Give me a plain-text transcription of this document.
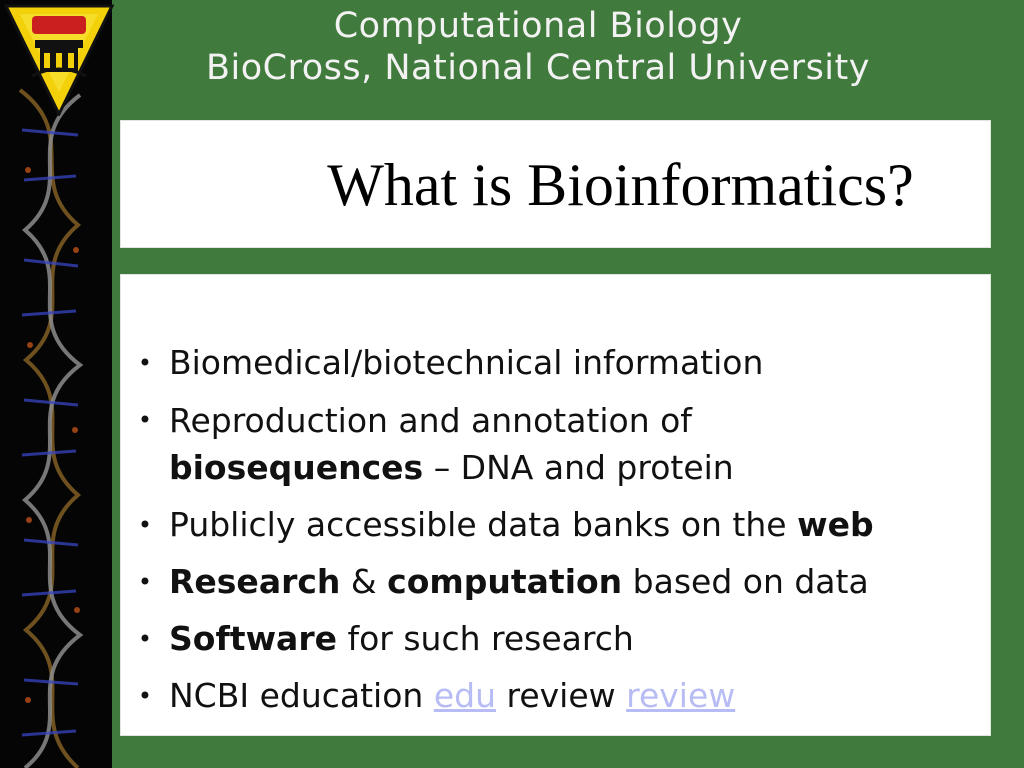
Computational Biology
BioCross, National Central University
What is Bioinformatics?
• Biomedical/biotechnical information
• Reproduction and annotation of
biosequences – DNA and protein
• Publicly accessible data banks on the web
• Research & computation based on data
• Software for such research
• NCBI education edu review review
